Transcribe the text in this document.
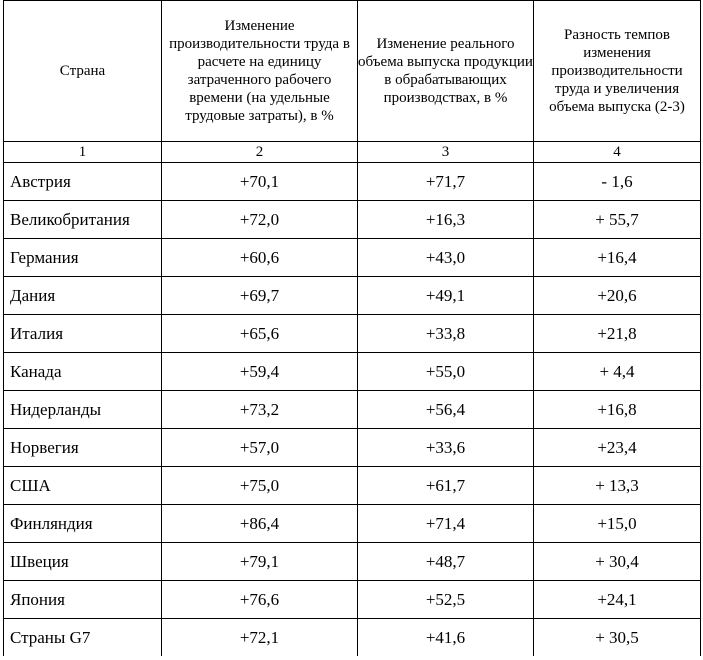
Страна	Изменение производительности труда в расчете на единицу затраченного рабочего времени (на удельные трудовые затраты), в %	Изменение реального объема выпуска продукции в обрабатывающих производствах, в %	Разность темпов изменения производительности труда и увеличения объема выпуска (2-3)
1	2	3	4
Австрия	+70,1	+71,7	- 1,6
Великобритания	+72,0	+16,3	+ 55,7
Германия	+60,6	+43,0	+16,4
Дания	+69,7	+49,1	+20,6
Италия	+65,6	+33,8	+21,8
Канада	+59,4	+55,0	+ 4,4
Нидерланды	+73,2	+56,4	+16,8
Норвегия	+57,0	+33,6	+23,4
США	+75,0	+61,7	+ 13,3
Финляндия	+86,4	+71,4	+15,0
Швеция	+79,1	+48,7	+ 30,4
Япония	+76,6	+52,5	+24,1
Страны G7	+72,1	+41,6	+ 30,5
